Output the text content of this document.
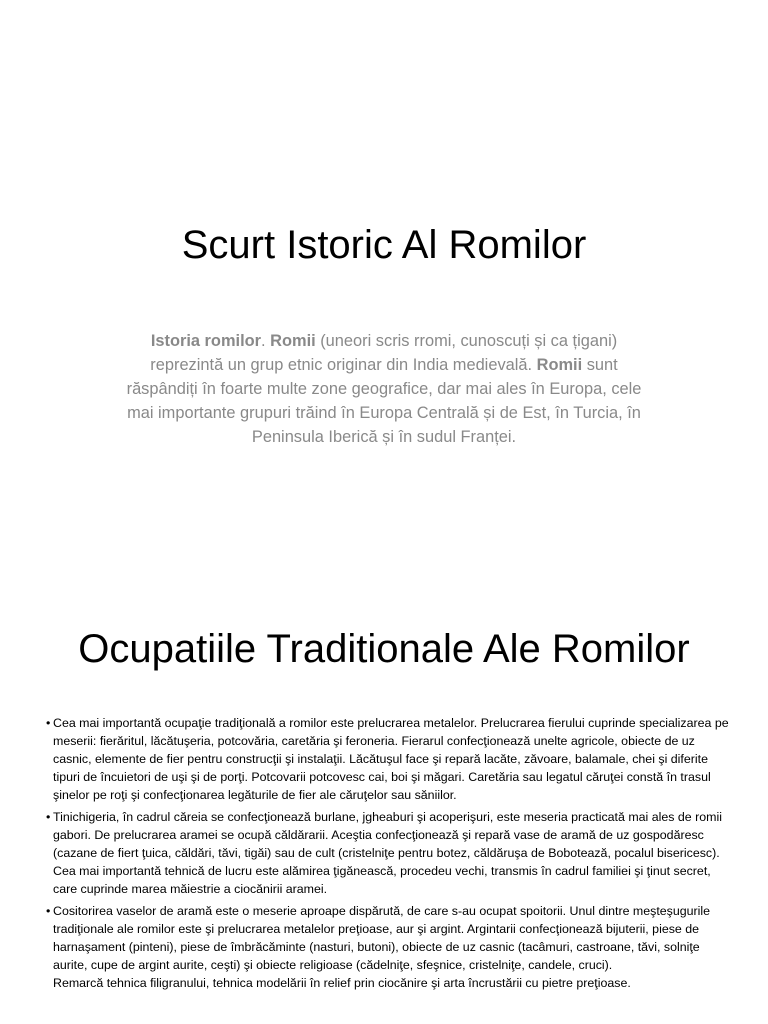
Scurt Istoric Al Romilor

Istoria romilor. Romii (uneori scris rromi, cunoscuți și ca țigani) reprezintă un grup etnic originar din India medievală. Romii sunt răspândiți în foarte multe zone geografice, dar mai ales în Europa, cele mai importante grupuri trăind în Europa Centrală și de Est, în Turcia, în Peninsula Iberică și în sudul Franței.

Ocupatiile Traditionale Ale Romilor
• Cea mai importantă ocupaţie tradiţională a romilor este prelucrarea metalelor. Prelucrarea fierului cuprinde specializarea pe meserii: fierăritul, lăcătuşeria, potcovăria, caretăria şi feroneria. Fierarul confecţionează unelte agricole, obiecte de uz casnic, elemente de fier pentru construcţii şi instalaţii. Lăcătuşul face şi repară lacăte, zăvoare, balamale, chei şi diferite tipuri de încuietori de uşi şi de porţi. Potcovarii potcovesc cai, boi şi măgari. Caretăria sau legatul căruţei constă în trasul şinelor pe roţi şi confecţionarea legăturile de fier ale căruţelor sau săniilor.
• Tinichigeria, în cadrul căreia se confecţionează burlane, jgheaburi şi acoperişuri, este meseria practicată mai ales de romii gabori. De prelucrarea aramei se ocupă căldărarii. Aceştia confecţionează şi repară vase de aramă de uz gospodăresc (cazane de fiert ţuica, căldări, tăvi, tigăi) sau de cult (cristelniţe pentru botez, căldăruşa de Bobotează, pocalul bisericesc). Cea mai importantă tehnică de lucru este alămirea ţigănească, procedeu vechi, transmis în cadrul familiei şi ţinut secret, care cuprinde marea măiestrie a ciocănirii aramei.
• Cositorirea vaselor de aramă este o meserie aproape dispărută, de care s-au ocupat spoitorii. Unul dintre meşteşugurile tradiţionale ale romilor este şi prelucrarea metalelor preţioase, aur şi argint. Argintarii confecţionează bijuterii, piese de harnaşament (pinteni), piese de îmbrăcăminte (nasturi, butoni), obiecte de uz casnic (tacâmuri, castroane, tăvi, solniţe aurite, cupe de argint aurite, ceşti) şi obiecte religioase (cădelniţe, sfeşnice, cristelniţe, candele, cruci).
Remarcă tehnica filigranului, tehnica modelării în relief prin ciocănire şi arta încrustării cu pietre preţioase.
